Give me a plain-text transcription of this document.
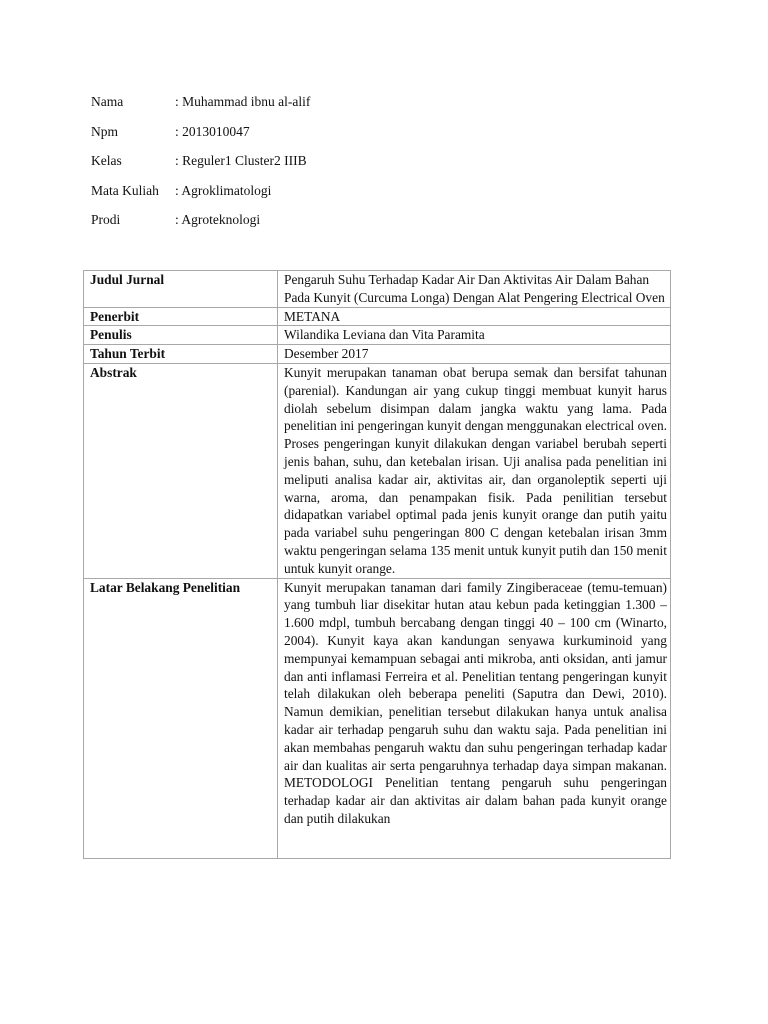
Nama	: Muhammad ibnu al-alif
Npm	: 2013010047
Kelas	: Reguler1 Cluster2 IIIB
Mata Kuliah	: Agroklimatologi
Prodi	: Agroteknologi
Judul Jurnal	Pengaruh Suhu Terhadap Kadar Air Dan Aktivitas Air Dalam Bahan Pada Kunyit (Curcuma Longa) Dengan Alat Pengering Electrical Oven
Penerbit	METANA
Penulis	Wilandika Leviana dan Vita Paramita
Tahun Terbit	Desember 2017
Abstrak	Kunyit merupakan tanaman obat berupa semak dan bersifat tahunan (parenial). Kandungan air yang cukup tinggi membuat kunyit harus diolah sebelum disimpan dalam jangka waktu yang lama. Pada penelitian ini pengeringan kunyit dengan menggunakan electrical oven. Proses pengeringan kunyit dilakukan dengan variabel berubah seperti jenis bahan, suhu, dan ketebalan irisan. Uji analisa pada penelitian ini meliputi analisa kadar air, aktivitas air, dan organoleptik seperti uji warna, aroma, dan penampakan fisik. Pada penilitian tersebut didapatkan variabel optimal pada jenis kunyit orange dan putih yaitu pada variabel suhu pengeringan 800 C dengan ketebalan irisan 3mm waktu pengeringan selama 135 menit untuk kunyit putih dan 150 menit untuk kunyit orange.
Latar Belakang Penelitian	Kunyit merupakan tanaman dari family Zingiberaceae (temu-temuan) yang tumbuh liar disekitar hutan atau kebun pada ketinggian 1.300 – 1.600 mdpl, tumbuh bercabang dengan tinggi 40 – 100 cm (Winarto, 2004). Kunyit kaya akan kandungan senyawa kurkuminoid yang mempunyai kemampuan sebagai anti mikroba, anti oksidan, anti jamur dan anti inflamasi Ferreira et al. Penelitian tentang pengeringan kunyit telah dilakukan oleh beberapa peneliti (Saputra dan Dewi, 2010). Namun demikian, penelitian tersebut dilakukan hanya untuk analisa kadar air terhadap pengaruh suhu dan waktu saja. Pada penelitian ini akan membahas pengaruh waktu dan suhu pengeringan terhadap kadar air dan kualitas air serta pengaruhnya terhadap daya simpan makanan. METODOLOGI Penelitian tentang pengaruh suhu pengeringan terhadap kadar air dan aktivitas air dalam bahan pada kunyit orange dan putih dilakukan
